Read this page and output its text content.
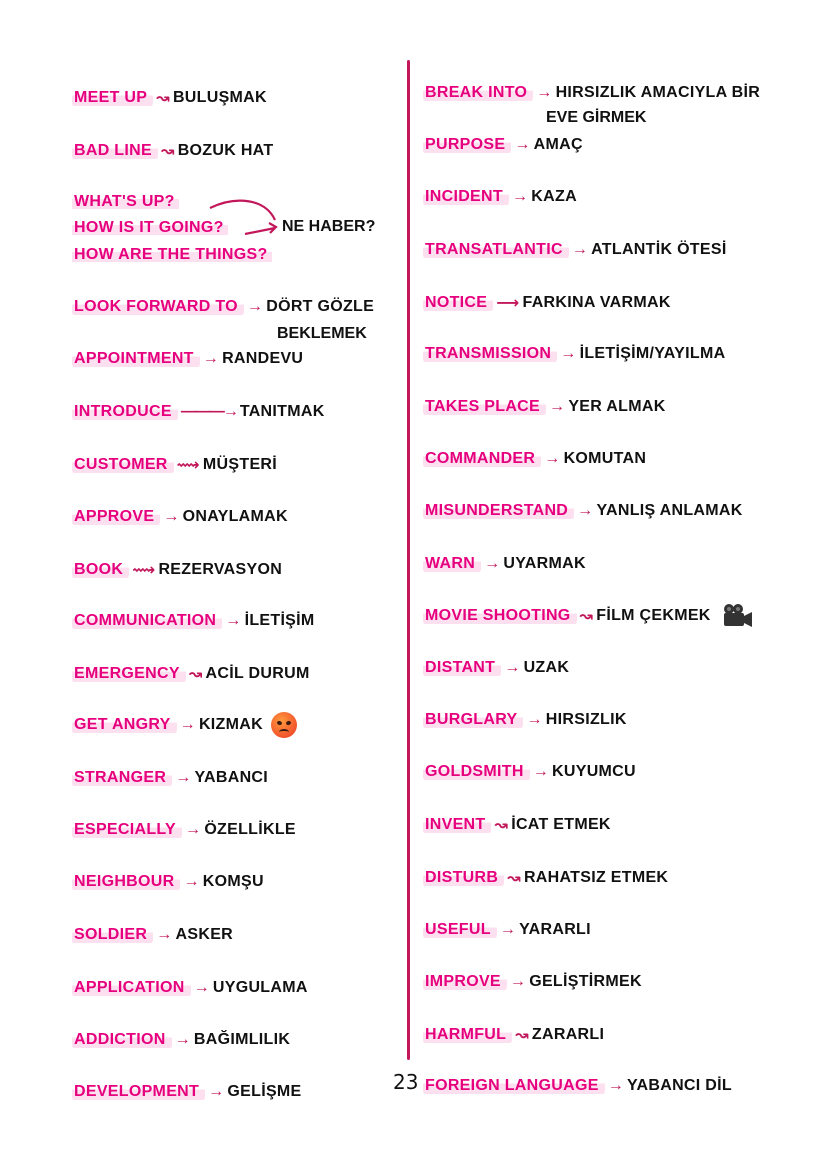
MEET UP ↝ BULUŞMAK
BAD LINE ↝ BOZUK HAT
WHAT'S UP?
HOW IS IT GOING?
HOW ARE THE THINGS?
NE HABER?
LOOK FORWARD TO → DÖRT GÖZLE
BEKLEMEK
APPOINTMENT → RANDEVU
INTRODUCE ———→ TANITMAK
CUSTOMER ⟿ MÜŞTERİ
APPROVE → ONAYLAMAK
BOOK ⟿ REZERVASYON
COMMUNICATION → İLETİŞİM
EMERGENCY ↝ ACİL DURUM
GET ANGRY → KIZMAK
STRANGER → YABANCI
ESPECIALLY → ÖZELLİKLE
NEIGHBOUR → KOMŞU
SOLDIER → ASKER
APPLICATION → UYGULAMA
ADDICTION → BAĞIMLILIK
DEVELOPMENT → GELİŞME
BREAK INTO → HIRSIZLIK AMACIYLA BİR
EVE GİRMEK
PURPOSE → AMAÇ
INCIDENT → KAZA
TRANSATLANTIC → ATLANTİK ÖTESİ
NOTICE ⟶ FARKINA VARMAK
TRANSMISSION → İLETİŞİM/YAYILMA
TAKES PLACE → YER ALMAK
COMMANDER → KOMUTAN
MISUNDERSTAND → YANLIŞ ANLAMAK
WARN → UYARMAK
MOVIE SHOOTING ↝ FİLM ÇEKMEK
DISTANT → UZAK
BURGLARY → HIRSIZLIK
GOLDSMITH → KUYUMCU
INVENT ↝ İCAT ETMEK
DISTURB ↝ RAHATSIZ ETMEK
USEFUL → YARARLI
IMPROVE → GELİŞTİRMEK
HARMFUL ↝ ZARARLI
FOREIGN LANGUAGE → YABANCI DİL
23
